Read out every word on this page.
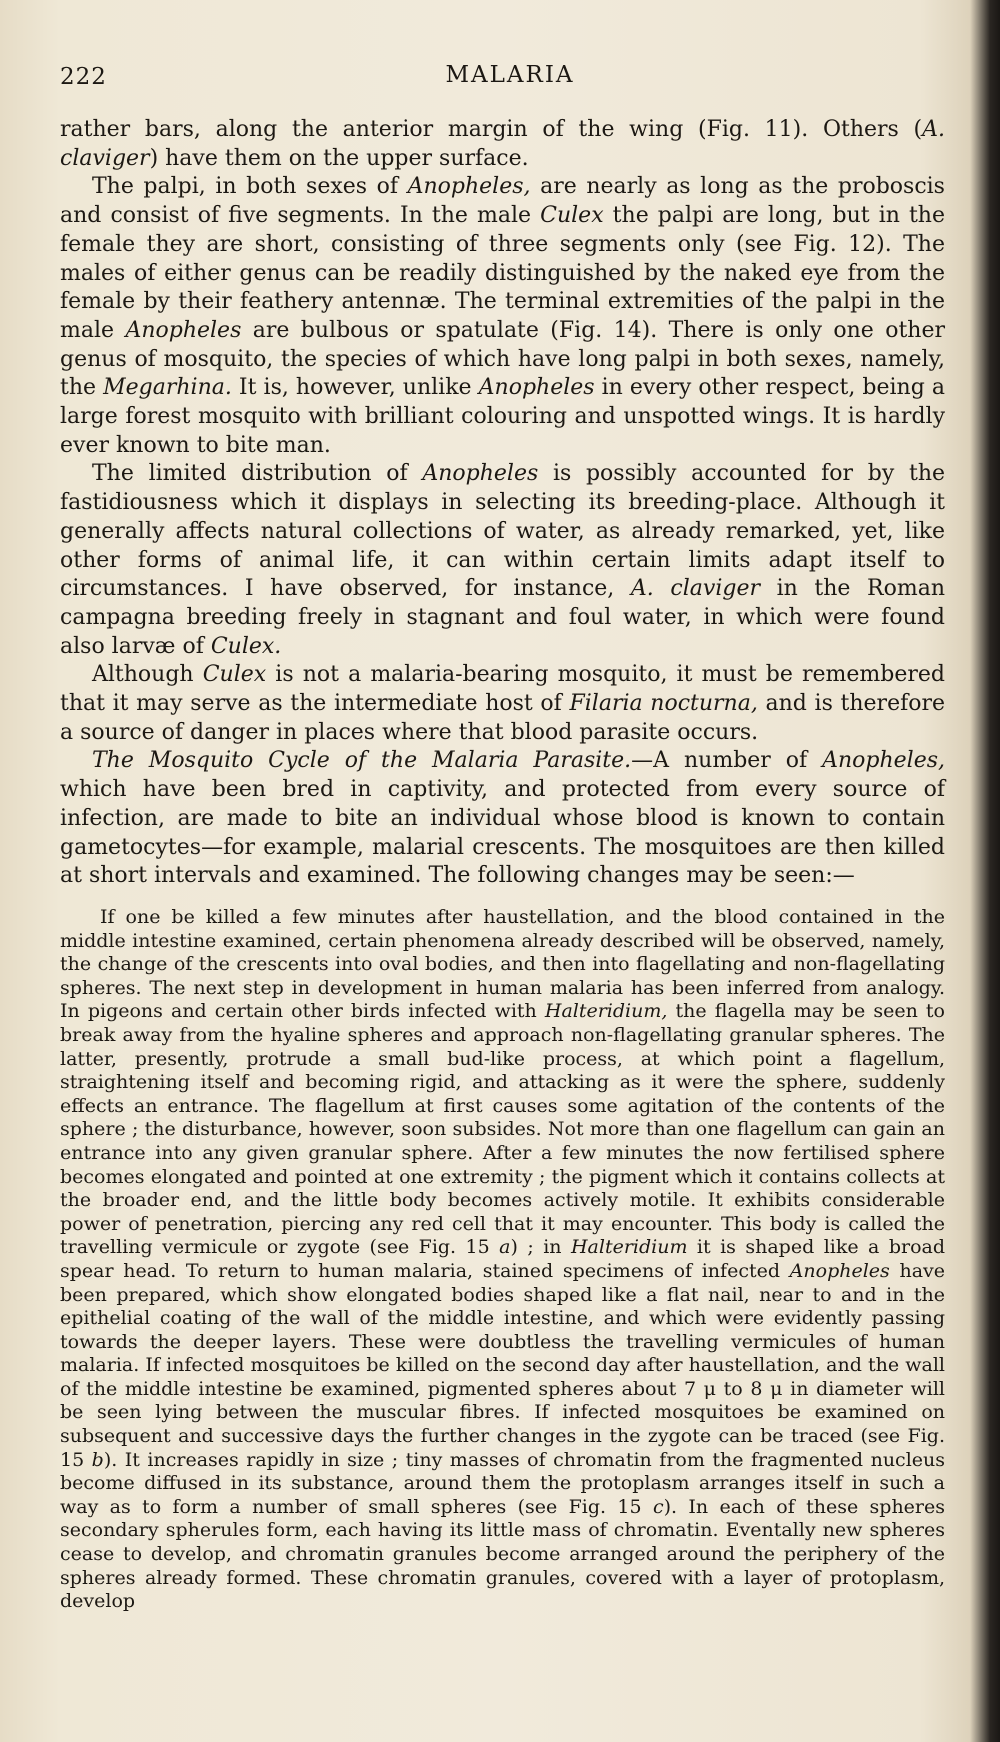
222	MALARIA

rather bars, along the anterior margin of the wing (Fig. 11). Others (A. claviger) have them on the upper surface.

The palpi, in both sexes of Anopheles, are nearly as long as the proboscis and consist of five segments. In the male Culex the palpi are long, but in the female they are short, consisting of three segments only (see Fig. 12). The males of either genus can be readily distinguished by the naked eye from the female by their feathery antennæ. The terminal extremities of the palpi in the male Anopheles are bulbous or spatulate (Fig. 14). There is only one other genus of mosquito, the species of which have long palpi in both sexes, namely, the Megarhina. It is, however, unlike Anopheles in every other respect, being a large forest mosquito with brilliant colouring and unspotted wings. It is hardly ever known to bite man.

The limited distribution of Anopheles is possibly accounted for by the fastidiousness which it displays in selecting its breeding-place. Although it generally affects natural collections of water, as already remarked, yet, like other forms of animal life, it can within certain limits adapt itself to circumstances. I have observed, for instance, A. claviger in the Roman campagna breeding freely in stagnant and foul water, in which were found also larvæ of Culex.

Although Culex is not a malaria-bearing mosquito, it must be remembered that it may serve as the intermediate host of Filaria nocturna, and is therefore a source of danger in places where that blood parasite occurs.

The Mosquito Cycle of the Malaria Parasite.—A number of Anopheles, which have been bred in captivity, and protected from every source of infection, are made to bite an individual whose blood is known to contain gametocytes—for example, malarial crescents. The mosquitoes are then killed at short intervals and examined. The following changes may be seen:—

If one be killed a few minutes after haustellation, and the blood contained in the middle intestine examined, certain phenomena already described will be observed, namely, the change of the crescents into oval bodies, and then into flagellating and non-flagellating spheres. The next step in development in human malaria has been inferred from analogy. In pigeons and certain other birds infected with Halteridium, the flagella may be seen to break away from the hyaline spheres and approach non-flagellating granular spheres. The latter, presently, protrude a small bud-like process, at which point a flagellum, straightening itself and becoming rigid, and attacking as it were the sphere, suddenly effects an entrance. The flagellum at first causes some agitation of the contents of the sphere ; the disturbance, however, soon subsides. Not more than one flagellum can gain an entrance into any given granular sphere. After a few minutes the now fertilised sphere becomes elongated and pointed at one extremity ; the pigment which it contains collects at the broader end, and the little body becomes actively motile. It exhibits considerable power of penetration, piercing any red cell that it may encounter. This body is called the travelling vermicule or zygote (see Fig. 15 a) ; in Halteridium it is shaped like a broad spear head. To return to human malaria, stained specimens of infected Anopheles have been prepared, which show elongated bodies shaped like a flat nail, near to and in the epithelial coating of the wall of the middle intestine, and which were evidently passing towards the deeper layers. These were doubtless the travelling vermicules of human malaria. If infected mosquitoes be killed on the second day after haustellation, and the wall of the middle intestine be examined, pigmented spheres about 7 μ to 8 μ in diameter will be seen lying between the muscular fibres. If infected mosquitoes be examined on subsequent and successive days the further changes in the zygote can be traced (see Fig. 15 b). It increases rapidly in size ; tiny masses of chromatin from the fragmented nucleus become diffused in its substance, around them the protoplasm arranges itself in such a way as to form a number of small spheres (see Fig. 15 c). In each of these spheres secondary spherules form, each having its little mass of chromatin. Eventally new spheres cease to develop, and chromatin granules become arranged around the periphery of the spheres already formed. These chromatin granules, covered with a layer of protoplasm, develop
